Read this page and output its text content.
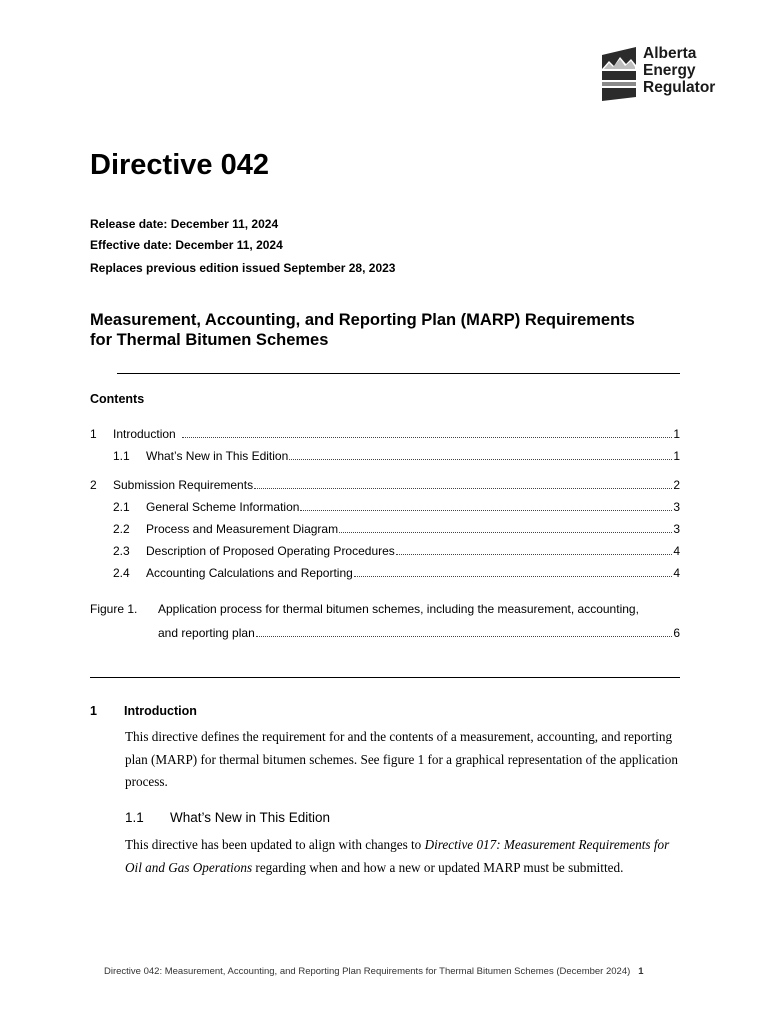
Alberta
Energy
Regulator
Directive 042
Release date: December 11, 2024
Effective date: December 11, 2024
Replaces previous edition issued September 28, 2023
Measurement, Accounting, and Reporting Plan (MARP) Requirements
for Thermal Bitumen Schemes
Contents
1	Introduction	1
1.1	What’s New in This Edition	1
2	Submission Requirements	2
2.1	General Scheme Information	3
2.2	Process and Measurement Diagram	3
2.3	Description of Proposed Operating Procedures	4
2.4	Accounting Calculations and Reporting	4
Figure 1.	Application process for thermal bitumen schemes, including the measurement, accounting,
and reporting plan	6
1 Introduction

This directive defines the requirement for and the contents of a measurement, accounting, and reporting plan (MARP) for thermal bitumen schemes. See figure 1 for a graphical representation of the application process.

1.1 What’s New in This Edition

This directive has been updated to align with changes to Directive 017: Measurement Requirements for Oil and Gas Operations regarding when and how a new or updated MARP must be submitted.

Directive 042: Measurement, Accounting, and Reporting Plan Requirements for Thermal Bitumen Schemes (December 2024) 1
